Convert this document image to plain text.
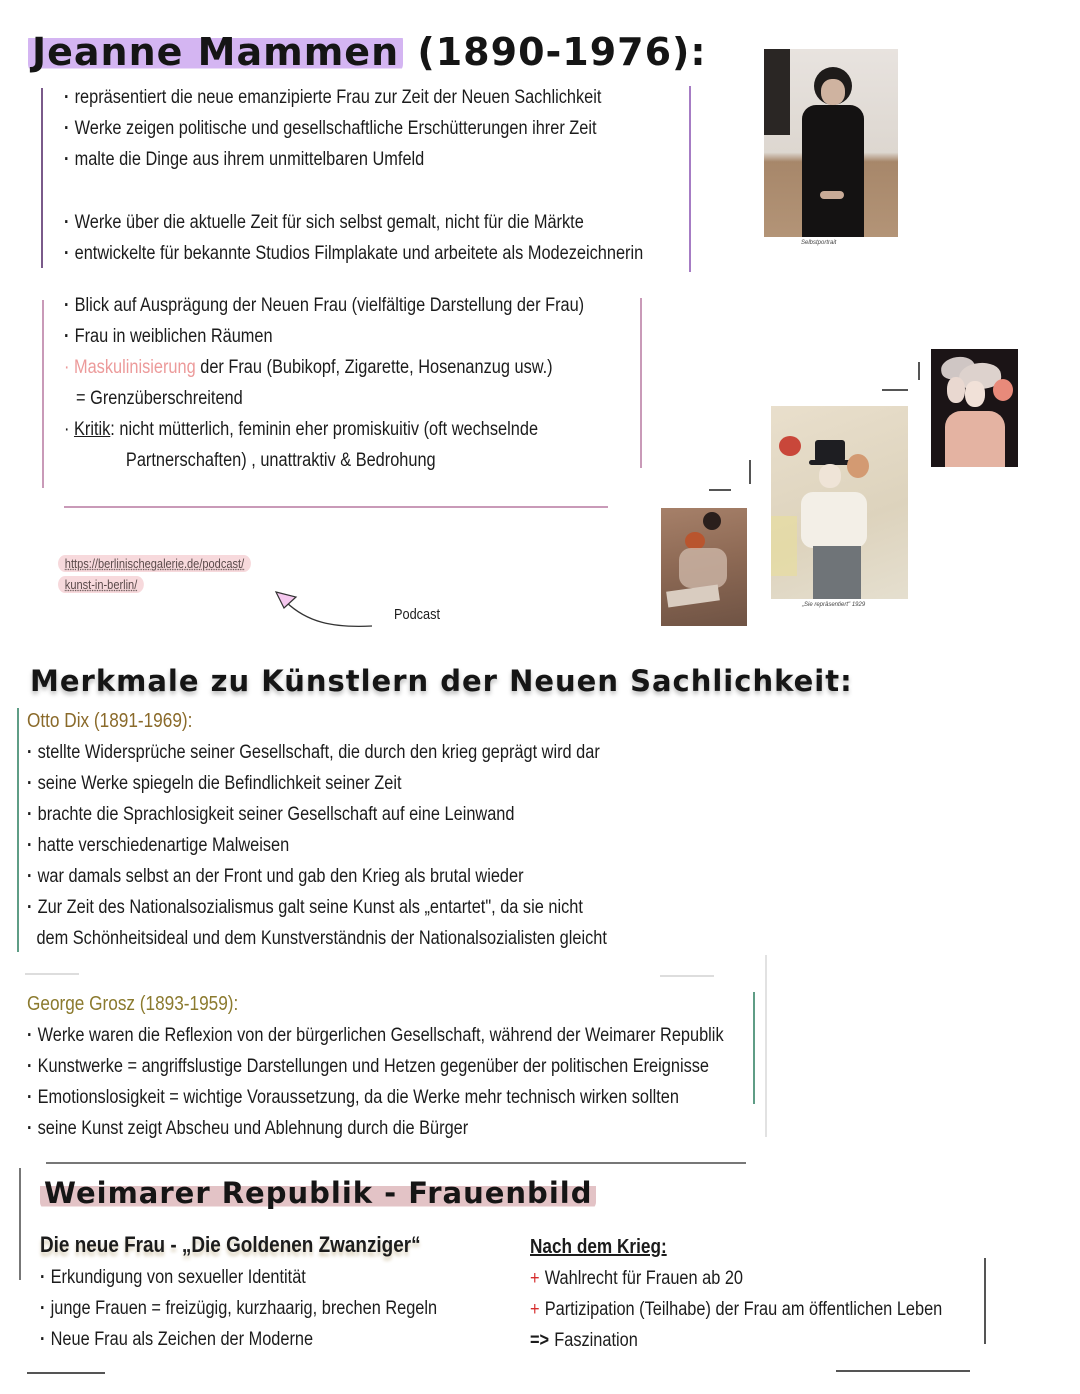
Jeanne Mammen (1890-1976):
· repräsentiert die neue emanzipierte Frau zur Zeit der Neuen Sachlichkeit
· Werke zeigen politische und gesellschaftliche Erschütterungen ihrer Zeit
· malte die Dinge aus ihrem unmittelbaren Umfeld
· Werke über die aktuelle Zeit für sich selbst gemalt, nicht für die Märkte
· entwickelte für bekannte Studios Filmplakate und arbeitete als Modezeichnerin
· Blick auf Ausprägung der Neuen Frau (vielfältige Darstellung der Frau)
· Frau in weiblichen Räumen
· Maskulinisierung der Frau (Bubikopf, Zigarette, Hosenanzug usw.)
= Grenzüberschreitend
· Kritik: nicht mütterlich, feminin eher promiskuitiv (oft wechselnde
Partnerschaften) , unattraktiv & Bedrohung
https://berlinischegalerie.de/podcast/
kunst-in-berlin/
Podcast
Selbstportrait
„Sie repräsentiert" 1929
Merkmale zu Künstlern der Neuen Sachlichkeit:
Otto Dix (1891-1969):
· stellte Widersprüche seiner Gesellschaft, die durch den krieg geprägt wird dar
· seine Werke spiegeln die Befindlichkeit seiner Zeit
· brachte die Sprachlosigkeit seiner Gesellschaft auf eine Leinwand
· hatte verschiedenartige Malweisen
· war damals selbst an der Front und gab den Krieg als brutal wieder
· Zur Zeit des Nationalsozialismus galt seine Kunst als „entartet", da sie nicht
dem Schönheitsideal und dem Kunstverständnis der Nationalsozialisten gleicht
George Grosz (1893-1959):
· Werke waren die Reflexion von der bürgerlichen Gesellschaft, während der Weimarer Republik
· Kunstwerke = angriffslustige Darstellungen und Hetzen gegenüber der politischen Ereignisse
· Emotionslosigkeit = wichtige Voraussetzung, da die Werke mehr technisch wirken sollten
· seine Kunst zeigt Abscheu und Ablehnung durch die Bürger
Weimarer Republik - Frauenbild
Die neue Frau - „Die Goldenen Zwanziger“
· Erkundigung von sexueller Identität
· junge Frauen = freizügig, kurzhaarig, brechen Regeln
· Neue Frau als Zeichen der Moderne
Nach dem Krieg:
+ Wahlrecht für Frauen ab 20
+ Partizipation (Teilhabe) der Frau am öffentlichen Leben
=> Faszination
